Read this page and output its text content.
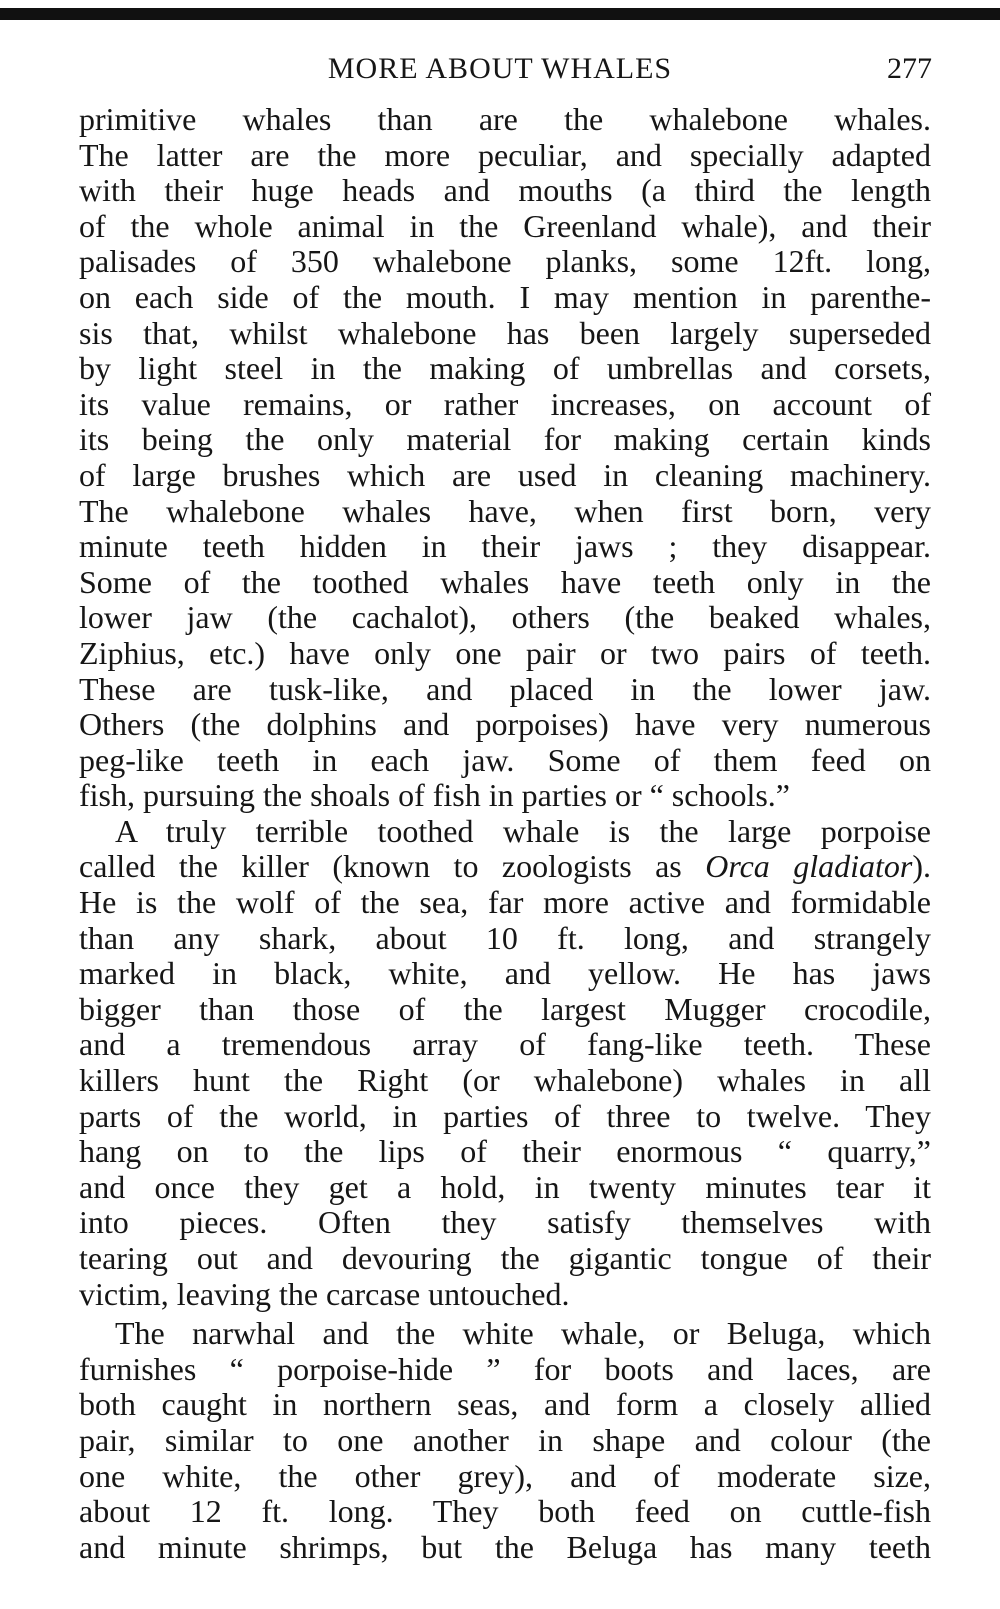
MORE ABOUT WHALES	277
primitive whales than are the whalebone whales.
The latter are the more peculiar, and specially adapted
with their huge heads and mouths (a third the length
of the whole animal in the Greenland whale), and their
palisades of 350 whalebone planks, some 12ft. long,
on each side of the mouth. I may mention in parenthe-
sis that, whilst whalebone has been largely superseded
by light steel in the making of umbrellas and corsets,
its value remains, or rather increases, on account of
its being the only material for making certain kinds
of large brushes which are used in cleaning machinery.
The whalebone whales have, when first born, very
minute teeth hidden in their jaws ; they disappear.
Some of the toothed whales have teeth only in the
lower jaw (the cachalot), others (the beaked whales,
Ziphius, etc.) have only one pair or two pairs of teeth.
These are tusk-like, and placed in the lower jaw.
Others (the dolphins and porpoises) have very numerous
peg-like teeth in each jaw. Some of them feed on
fish, pursuing the shoals of fish in parties or “ schools.”
A truly terrible toothed whale is the large porpoise
called the killer (known to zoologists as Orca gladiator).
He is the wolf of the sea, far more active and formidable
than any shark, about 10 ft. long, and strangely
marked in black, white, and yellow. He has jaws
bigger than those of the largest Mugger crocodile,
and a tremendous array of fang-like teeth. These
killers hunt the Right (or whalebone) whales in all
parts of the world, in parties of three to twelve. They
hang on to the lips of their enormous “ quarry,”
and once they get a hold, in twenty minutes tear it
into pieces. Often they satisfy themselves with
tearing out and devouring the gigantic tongue of their
victim, leaving the carcase untouched.
The narwhal and the white whale, or Beluga, which
furnishes “ porpoise-hide ” for boots and laces, are
both caught in northern seas, and form a closely allied
pair, similar to one another in shape and colour (the
one white, the other grey), and of moderate size,
about 12 ft. long. They both feed on cuttle-fish
and minute shrimps, but the Beluga has many teeth
